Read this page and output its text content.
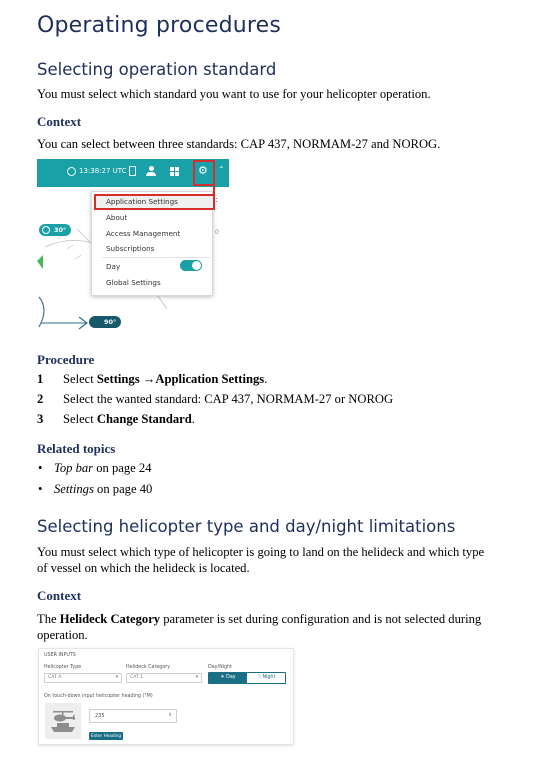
Operating procedures
Selecting operation standard
You must select which standard you want to use for your helicopter operation.
Context
You can select between three standards: CAP 437, NORMAM-27 and NOROG.
13:38:27 UTC	⚙ ⌃
30°
90°
Application Settings
About
Access Management
Subscriptions
Day
Global Settings
:
0
Procedure
1 Select Settings →Application Settings.
2 Select the wanted standard: CAP 437, NORMAM-27 or NOROG
3 Select Change Standard.
Related topics
• Top bar on page 24
• Settings on page 40
Selecting helicopter type and day/night limitations
You must select which type of helicopter is going to land on the helideck and which type
of vessel on which the helideck is located.
Context
The Helideck Category parameter is set during configuration and is not selected during
operation.
USER INPUTS
Helicopter Type
CAT A	▾
Helideck Category
CAT 1	▾
Day/Night
☀ Day	☽ Night
On touch-down input helicopter heading (°M)
235	⇕
Enter Heading
